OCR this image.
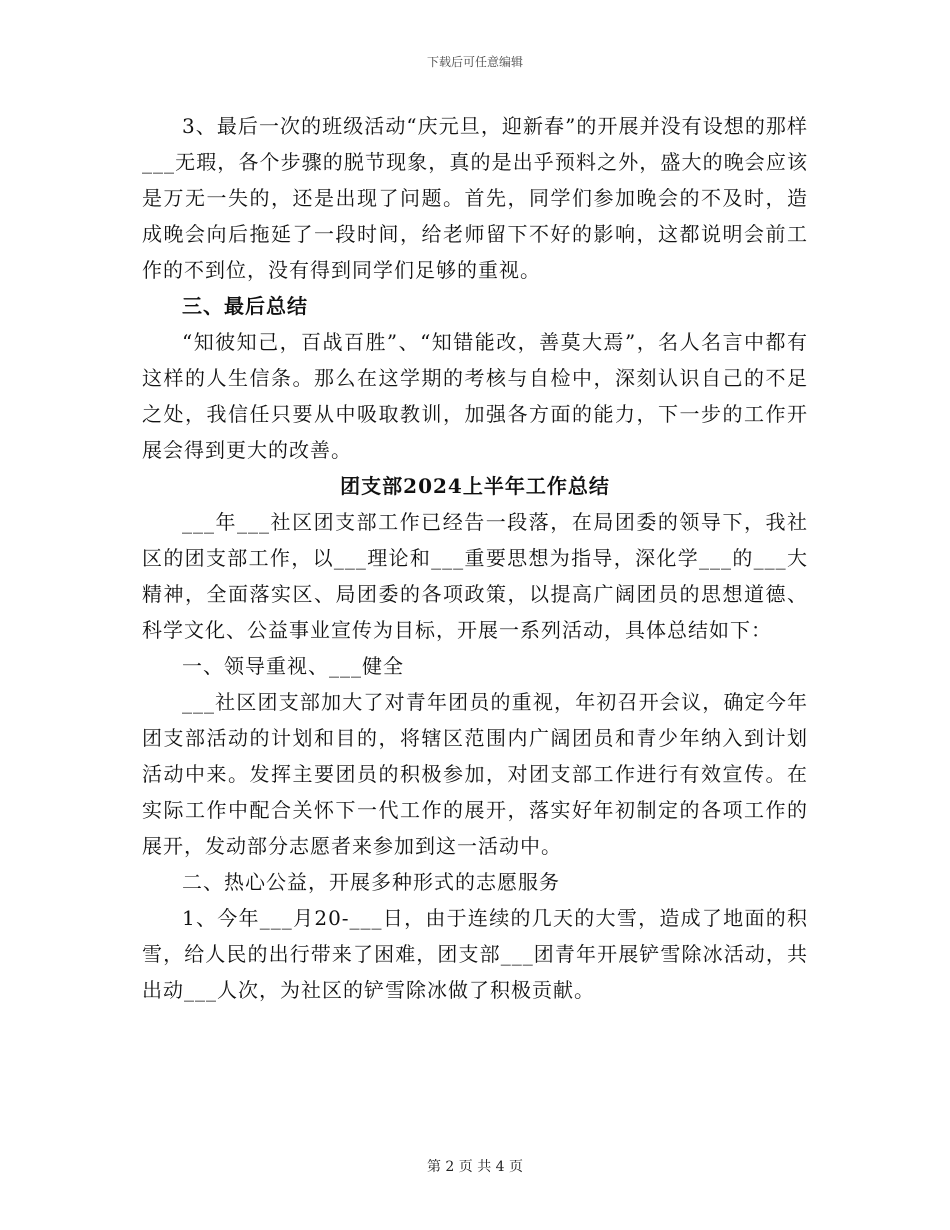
下载后可任意编辑

3、最后一次的班级活动“庆元旦，迎新春”的开展并没有设想的那样___无瑕，各个步骤的脱节现象，真的是出乎预料之外，盛大的晚会应该是万无一失的，还是出现了问题。首先，同学们参加晚会的不及时，造成晚会向后拖延了一段时间，给老师留下不好的影响，这都说明会前工作的不到位，没有得到同学们足够的重视。

三、最后总结

“知彼知己，百战百胜”、“知错能改，善莫大焉”，名人名言中都有这样的人生信条。那么在这学期的考核与自检中，深刻认识自己的不足之处，我信任只要从中吸取教训，加强各方面的能力，下一步的工作开展会得到更大的改善。

团支部2024上半年工作总结

___年___社区团支部工作已经告一段落，在局团委的领导下，我社区的团支部工作，以___理论和___重要思想为指导，深化学___的___大精神，全面落实区、局团委的各项政策，以提高广阔团员的思想道德、科学文化、公益事业宣传为目标，开展一系列活动，具体总结如下：

一、领导重视、___健全

___社区团支部加大了对青年团员的重视，年初召开会议，确定今年团支部活动的计划和目的，将辖区范围内广阔团员和青少年纳入到计划活动中来。发挥主要团员的积极参加，对团支部工作进行有效宣传。在实际工作中配合关怀下一代工作的展开，落实好年初制定的各项工作的展开，发动部分志愿者来参加到这一活动中。

二、热心公益，开展多种形式的志愿服务

1、今年___月20-___日，由于连续的几天的大雪，造成了地面的积雪，给人民的出行带来了困难，团支部___团青年开展铲雪除冰活动，共出动___人次，为社区的铲雪除冰做了积极贡献。

第 2 页 共 4 页
